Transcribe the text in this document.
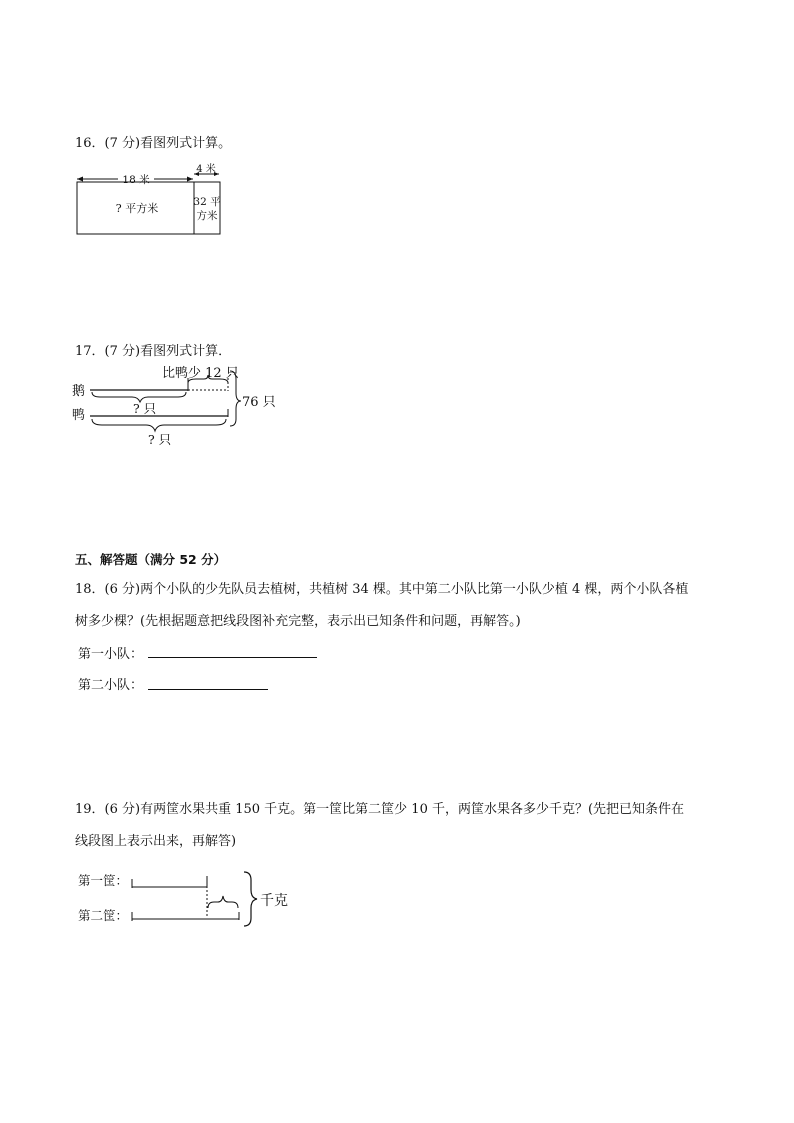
16．(7 分)看图列式计算。
18 米
4 米
? 平方米	32 平
方米
17．(7 分)看图列式计算．
鹅
鸭
比鸭少 12 只
? 只
? 只
76 只
五、解答题（满分 52 分）
18．(6 分)两个小队的少先队员去植树，共植树 34 棵。其中第二小队比第一小队少植 4 棵，两个小队各植
树多少棵？(先根据题意把线段图补充完整，表示出已知条件和问题，再解答。)
第一小队：
第二小队：
19．(6 分)有两筐水果共重 150 千克。第一筐比第二筐少 10 千，两筐水果各多少千克？(先把已知条件在
线段图上表示出来，再解答)
第一筐：
第二筐：
千克
